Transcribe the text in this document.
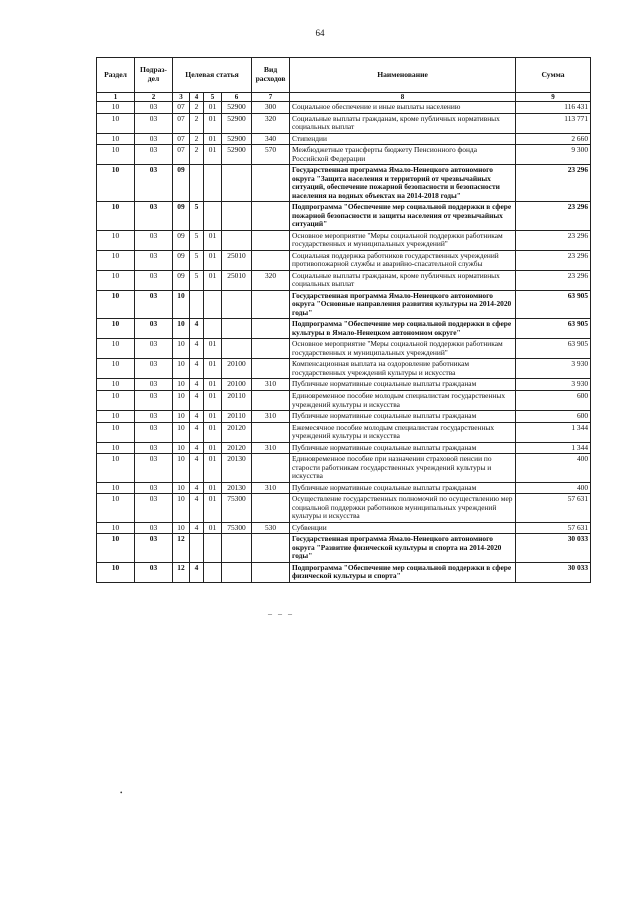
64
Раздел	Подраз-дел	Целевая статья				Вид расходов	Наименование	Сумма
1	2	3	4	5	6	7	8	9
10	03	07	2	01	52900	300	Социальное обеспечение и иные выплаты населению	116 431
10	03	07	2	01	52900	320	Социальные выплаты гражданам, кроме публичных нормативных социальных выплат	113 771
10	03	07	2	01	52900	340	Стипендии	2 660
10	03	07	2	01	52900	570	Межбюджетные трансферты бюджету Пенсионного фонда Российской Федерации	9 300
10	03	09					Государственная программа Ямало-Ненецкого автономного округа "Защита населения и территорий от чрезвычайных ситуаций, обеспечение пожарной безопасности и безопасности населения на водных объектах на 2014-2018 годы"	23 296
10	03	09	5				Подпрограмма "Обеспечение мер социальной поддержки в сфере пожарной безопасности и защиты населения от чрезвычайных ситуаций"	23 296
10	03	09	5	01			Основное мероприятие "Меры социальной поддержки работникам государственных и муниципальных учреждений"	23 296
10	03	09	5	01	25010		Социальная поддержка работников государственных учреждений противопожарной службы и аварийно-спасательной службы	23 296
10	03	09	5	01	25010	320	Социальные выплаты гражданам, кроме публичных нормативных социальных выплат	23 296
10	03	10					Государственная программа Ямало-Ненецкого автономного округа "Основные направления развития культуры на 2014-2020 годы"	63 905
10	03	10	4				Подпрограмма "Обеспечение мер социальной поддержки в сфере культуры в Ямало-Ненецком автономном округе"	63 905
10	03	10	4	01			Основное мероприятие "Меры социальной поддержки работникам государственных и муниципальных учреждений"	63 905
10	03	10	4	01	20100		Компенсационная выплата на оздоровление работникам государственных учреждений культуры и искусства	3 930
10	03	10	4	01	20100	310	Публичные нормативные социальные выплаты гражданам	3 930
10	03	10	4	01	20110		Единовременное пособие молодым специалистам государственных учреждений культуры и искусства	600
10	03	10	4	01	20110	310	Публичные нормативные социальные выплаты гражданам	600
10	03	10	4	01	20120		Ежемесячное пособие молодым специалистам государственных учреждений культуры и искусства	1 344
10	03	10	4	01	20120	310	Публичные нормативные социальные выплаты гражданам	1 344
10	03	10	4	01	20130		Единовременное пособие при назначении страховой пенсии по старости работникам государственных учреждений культуры и искусства	400
10	03	10	4	01	20130	310	Публичные нормативные социальные выплаты гражданам	400
10	03	10	4	01	75300		Осуществление государственных полномочий по осуществлению мер социальной поддержки работников муниципальных учреждений культуры и искусства	57 631
10	03	10	4	01	75300	530	Субвенции	57 631
10	03	12					Государственная программа Ямало-Ненецкого автономного округа "Развитие физической культуры и спорта на 2014-2020 годы"	30 033
10	03	12	4				Подпрограмма "Обеспечение мер социальной поддержки в сфере физической культуры и спорта"	30 033
– – –
•
